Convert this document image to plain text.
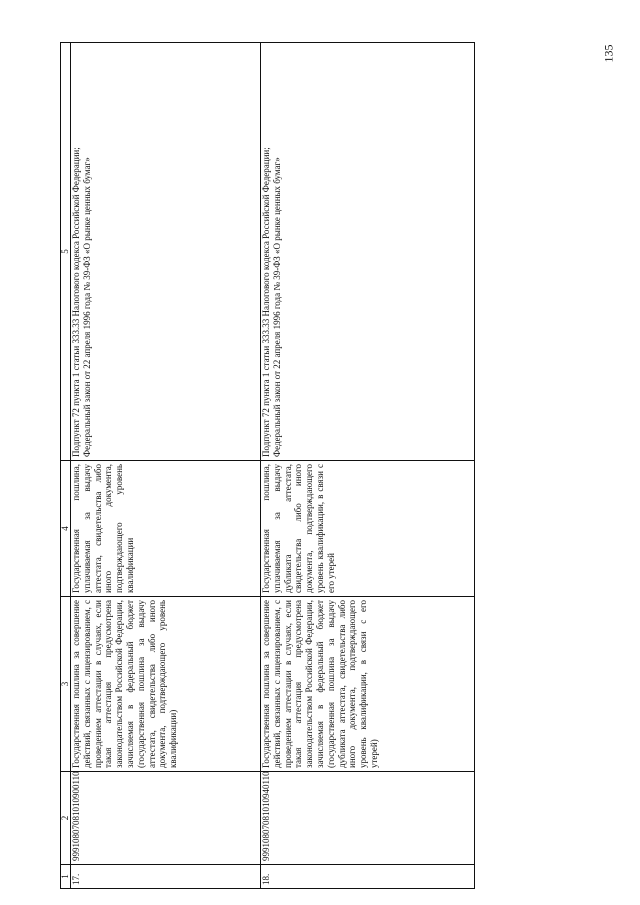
135
1	2	3	4	5
17.	99910807081010900110	Государственная пошлина за совершение действий, связанных с лицензированием, с проведением аттестации в случаях, если такая аттестация предусмотрена законодательством Российской Федерации, зачисляемая в федеральный бюджет (государственная пошлина за выдачу аттестата, свидетельства либо иного документа, подтверждающего уровень квалификации)	Государственная пошлина, уплачиваемая за выдачу аттестата, свидетельства либо иного документа, подтверждающего уровень квалификации	Подпункт 72 пункта 1 статьи 333.33 Налогового кодекса Российской Федерации; Федеральный закон от 22 апреля 1996 года № 39-ФЗ «О рынке ценных бумаг»

18.	99910807081010940110	Государственная пошлина за совершение действий, связанных с лицензированием, с проведением аттестации в случаях, если такая аттестация предусмотрена законодательством Российской Федерации, зачисляемая в федеральный бюджет (государственная пошлина за выдачу дубликата аттестата, свидетельства либо иного документа, подтверждающего уровень квалификации, в связи с его утерей)	Государственная пошлина, уплачиваемая за выдачу дубликата аттестата, свидетельства либо иного документа, подтверждающего уровень квалификации, в связи с его утерей	Подпункт 72 пункта 1 статьи 333.33 Налогового кодекса Российской Федерации; Федеральный закон от 22 апреля 1996 года № 39-ФЗ «О рынке ценных бумаг»
